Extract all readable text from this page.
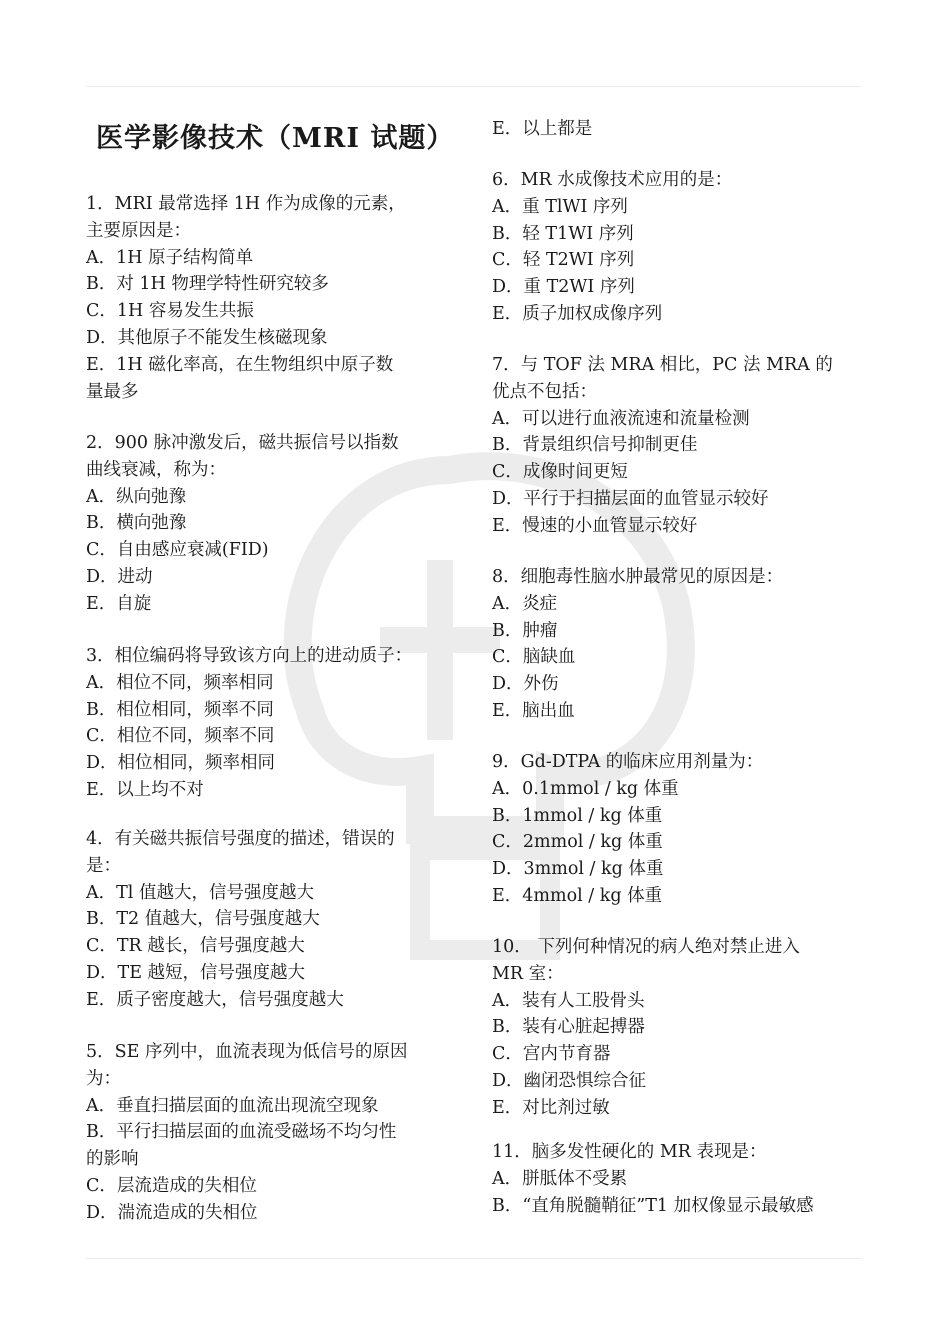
医学影像技术（MRI 试题）

1．MRI 最常选择 1H 作为成像的元素，

主要原因是：

A．1H 原子结构简单

B．对 1H 物理学特性研究较多

C．1H 容易发生共振

D．其他原子不能发生核磁现象

E．1H 磁化率高，在生物组织中原子数

量最多

2．900 脉冲激发后，磁共振信号以指数

曲线衰减，称为：

A．纵向弛豫

B．横向弛豫

C．自由感应衰减(FID)

D．进动

E．自旋

3．相位编码将导致该方向上的进动质子：

A．相位不同，频率相同

B．相位相同，频率不同

C．相位不同，频率不同

D．相位相同，频率相同

E．以上均不对

4．有关磁共振信号强度的描述，错误的

是：

A．Tl 值越大，信号强度越大

B．T2 值越大，信号强度越大

C．TR 越长，信号强度越大

D．TE 越短，信号强度越大

E．质子密度越大，信号强度越大

5．SE 序列中，血流表现为低信号的原因

为：

A．垂直扫描层面的血流出现流空现象

B．平行扫描层面的血流受磁场不均匀性

的影响

C．层流造成的失相位

D．湍流造成的失相位

E．以上都是

6．MR 水成像技术应用的是：

A．重 TlWI 序列

B．轻 T1WI 序列

C．轻 T2WI 序列

D．重 T2WI 序列

E．质子加权成像序列

7．与 TOF 法 MRA 相比，PC 法 MRA 的

优点不包括：

A．可以进行血液流速和流量检测

B．背景组织信号抑制更佳

C．成像时间更短

D．平行于扫描层面的血管显示较好

E．慢速的小血管显示较好

8．细胞毒性脑水肿最常见的原因是：

A．炎症

B．肿瘤

C．脑缺血

D．外伤

E．脑出血

9．Gd-DTPA 的临床应用剂量为：

A．0.1mmol / kg 体重

B．1mmol / kg 体重

C．2mmol / kg 体重

D．3mmol / kg 体重

E．4mmol / kg 体重

10． 下列何种情况的病人绝对禁止进入

MR 室：

A．装有人工股骨头

B．装有心脏起搏器

C．宫内节育器

D．幽闭恐惧综合征

E．对比剂过敏

11．脑多发性硬化的 MR 表现是：

A．胼胝体不受累

B．“直角脱髓鞘征”T1 加权像显示最敏感
